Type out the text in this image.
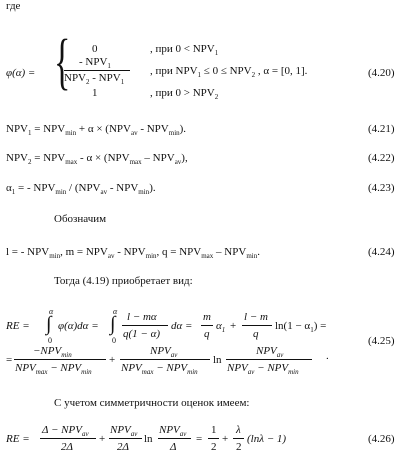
где
φ(α) = { 0	, при $0 < NPV_1$
- $NPV_1$
$NPV_2 - NPV_1$
, при $NPV_1 \le 0 \le NPV_2$ , α = [0, 1].
1	, при $0 > NPV_2$
(4.20)
$NPV_1 = NPV_{min} + \alpha \times (NPV_{av} - NPV_{min})$.	(4.21)
$NPV_2 = NPV_{max} - \alpha \times (NPV_{max} - NPV_{av})$,	(4.22)
$\alpha_1$ = - $NPV_{min} / (NPV_{av} - NPV_{min})$.	(4.23)
Обозначим
l = - $NPV_{min}$, $m = NPV_{av} - NPV_{min}$, $q = NPV_{max} - NPV_{min}$.	(4.24)
Тогда (4.19) приобретает вид:
RE =
α
∫
0
φ(α)dα =
α
∫
0
l − mα
q(1 − α)
dα =
m
q
$\alpha_1$ +
l − m
q
$\ln(1 - \alpha_1)$ =
=
$-NPV_{min}$
$NPV_{max} - NPV_{min}$
+
$NPV_{av}$
$NPV_{max} - NPV_{min}$
ln
$NPV_{av}$
$NPV_{av} - NPV_{min}$
.
(4.25)
С учетом симметричности оценок имеем:
RE =
$\Delta - NPV_{av}$
2Δ
+
$NPV_{av}$
2Δ
ln
$NPV_{av}$
Δ
=
1
2
+
λ
2
(lnλ − 1)	(4.26)
